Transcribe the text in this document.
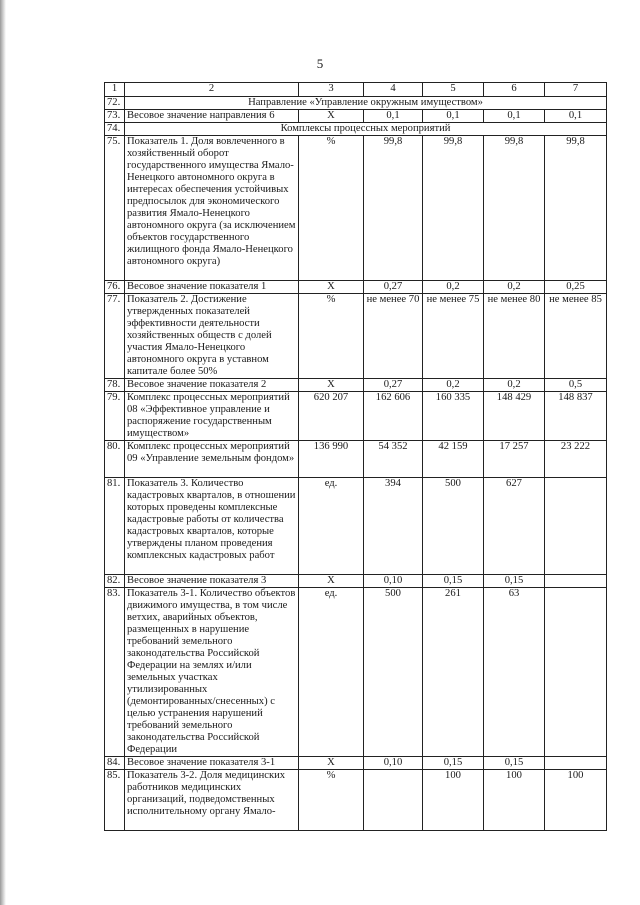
5
1	2	3	4	5	6	7
72.	Направление «Управление окружным имуществом»					
73.	Весовое значение направления 6	X	0,1	0,1	0,1	0,1
74.	Комплексы процессных мероприятий					
75.	Показатель 1. Доля вовлеченного в хозяйственный оборот государственного имущества Ямало-Ненецкого автономного округа в интересах обеспечения устойчивых предпосылок для экономического развития Ямало-Ненецкого автономного округа (за исключением объектов государственного жилищного фонда Ямало-Ненецкого автономного округа)	%	99,8	99,8	99,8	99,8
76.	Весовое значение показателя 1	X	0,27	0,2	0,2	0,25
77.	Показатель 2. Достижение утвержденных показателей эффективности деятельности хозяйственных обществ с долей участия Ямало-Ненецкого автономного округа в уставном капитале более 50%	%	не менее 70	не менее 75	не менее 80	не менее 85
78.	Весовое значение показателя 2	X	0,27	0,2	0,2	0,5
79.	Комплекс процессных мероприятий 08 «Эффективное управление и распоряжение государственным имуществом»	620 207	162 606	160 335	148 429	148 837
80.	Комплекс процессных мероприятий 09 «Управление земельным фондом»	136 990	54 352	42 159	17 257	23 222
81.	Показатель 3. Количество кадастровых кварталов, в отношении которых проведены комплексные кадастровые работы от количества кадастровых кварталов, которые утверждены планом проведения комплексных кадастровых работ	ед.	394	500	627	
82.	Весовое значение показателя 3	X	0,10	0,15	0,15	
83.	Показатель 3-1. Количество объектов движимого имущества, в том числе ветхих, аварийных объектов, размещенных в нарушение требований земельного законодательства Российской Федерации на землях и/или земельных участках утилизированных (демонтированных/снесенных) с целью устранения нарушений требований земельного законодательства Российской Федерации	ед.	500	261	63	
84.	Весовое значение показателя 3-1	X	0,10	0,15	0,15	
85.	Показатель 3-2. Доля медицинских работников медицинских организаций, подведомственных исполнительному органу Ямало-	%		100	100	100
